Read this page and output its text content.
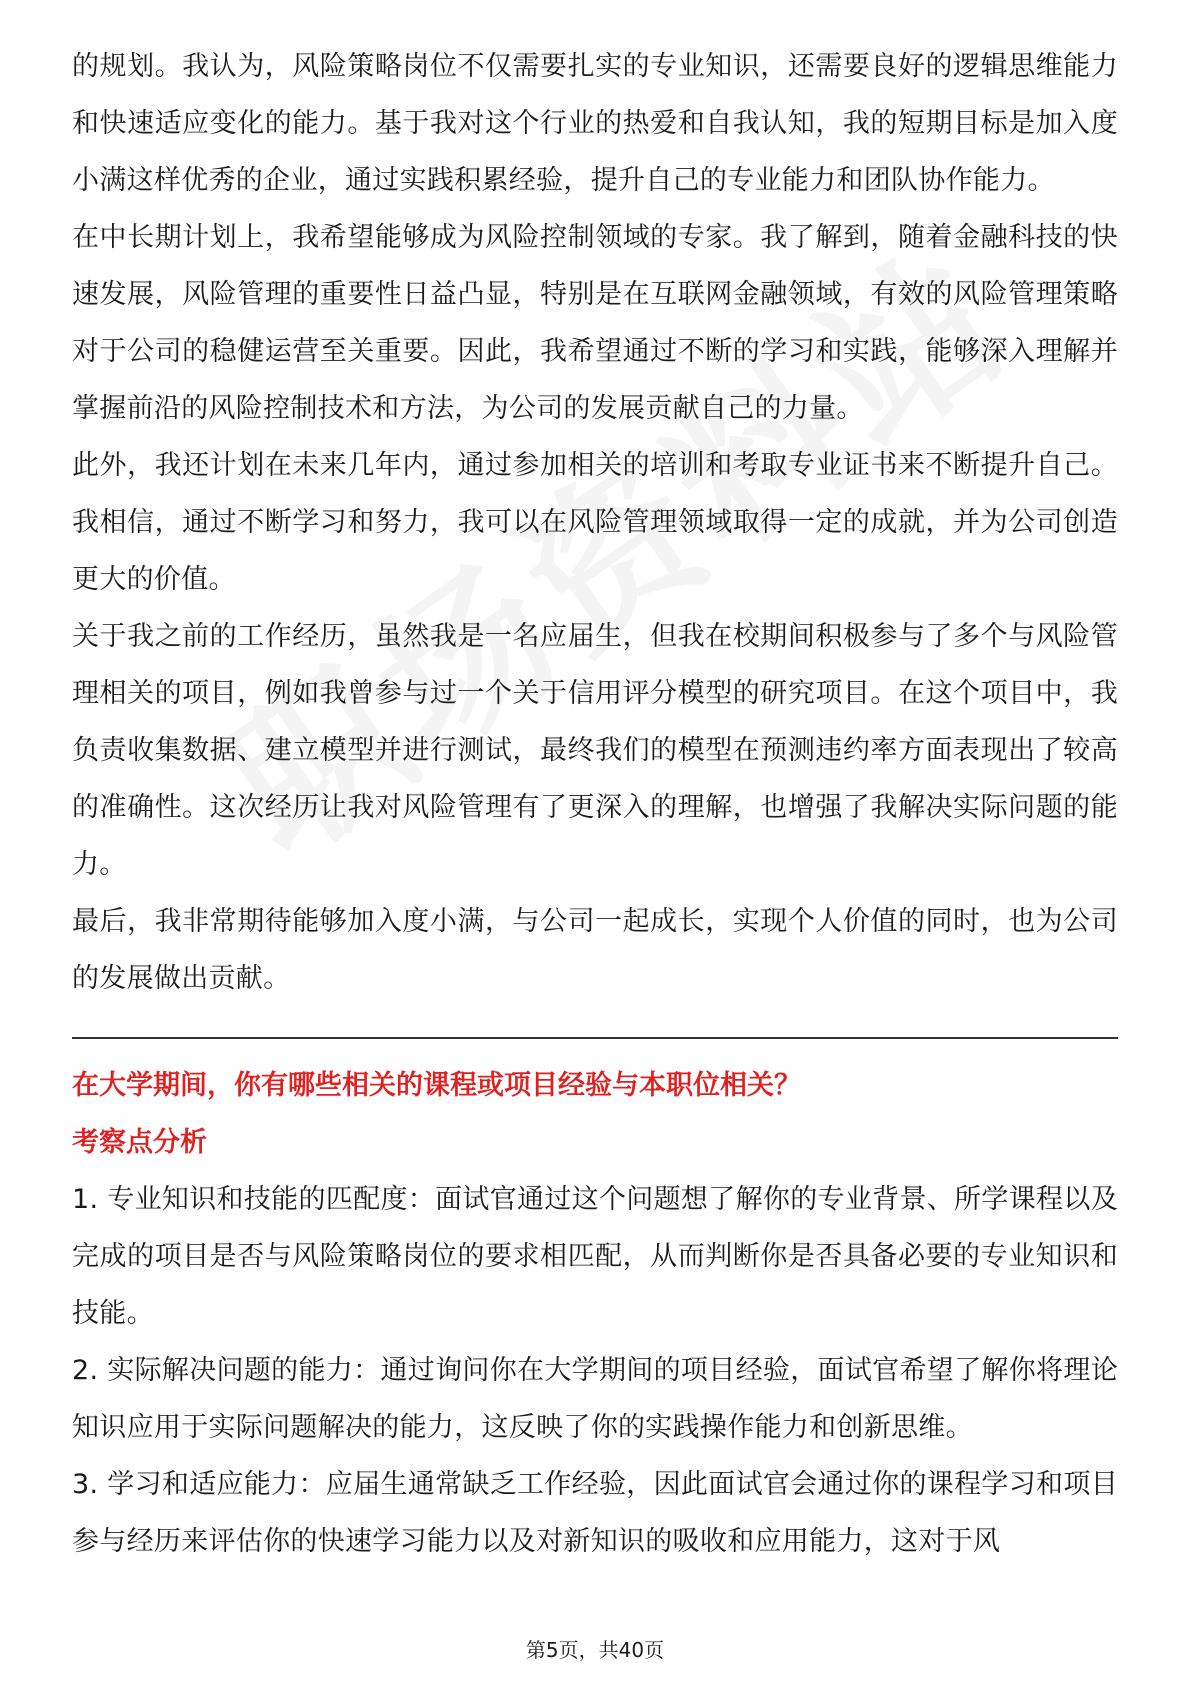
的规划。我认为，风险策略岗位不仅需要扎实的专业知识，还需要良好的逻辑思维能力和快速适应变化的能力。基于我对这个行业的热爱和自我认知，我的短期目标是加入度小满这样优秀的企业，通过实践积累经验，提升自己的专业能力和团队协作能力。

在中长期计划上，我希望能够成为风险控制领域的专家。我了解到，随着金融科技的快速发展，风险管理的重要性日益凸显，特别是在互联网金融领域，有效的风险管理策略对于公司的稳健运营至关重要。因此，我希望通过不断的学习和实践，能够深入理解并掌握前沿的风险控制技术和方法，为公司的发展贡献自己的力量。

此外，我还计划在未来几年内，通过参加相关的培训和考取专业证书来不断提升自己。我相信，通过不断学习和努力，我可以在风险管理领域取得一定的成就，并为公司创造更大的价值。

关于我之前的工作经历，虽然我是一名应届生，但我在校期间积极参与了多个与风险管理相关的项目，例如我曾参与过一个关于信用评分模型的研究项目。在这个项目中，我负责收集数据、建立模型并进行测试，最终我们的模型在预测违约率方面表现出了较高的准确性。这次经历让我对风险管理有了更深入的理解，也增强了我解决实际问题的能力。

最后，我非常期待能够加入度小满，与公司一起成长，实现个人价值的同时，也为公司的发展做出贡献。

在大学期间，你有哪些相关的课程或项目经验与本职位相关？

考察点分析

1. 专业知识和技能的匹配度：面试官通过这个问题想了解你的专业背景、所学课程以及完成的项目是否与风险策略岗位的要求相匹配，从而判断你是否具备必要的专业知识和技能。

2. 实际解决问题的能力：通过询问你在大学期间的项目经验，面试官希望了解你将理论知识应用于实际问题解决的能力，这反映了你的实践操作能力和创新思维。

3. 学习和适应能力：应届生通常缺乏工作经验，因此面试官会通过你的课程学习和项目参与经历来评估你的快速学习能力以及对新知识的吸收和应用能力，这对于风

第5页，共40页
